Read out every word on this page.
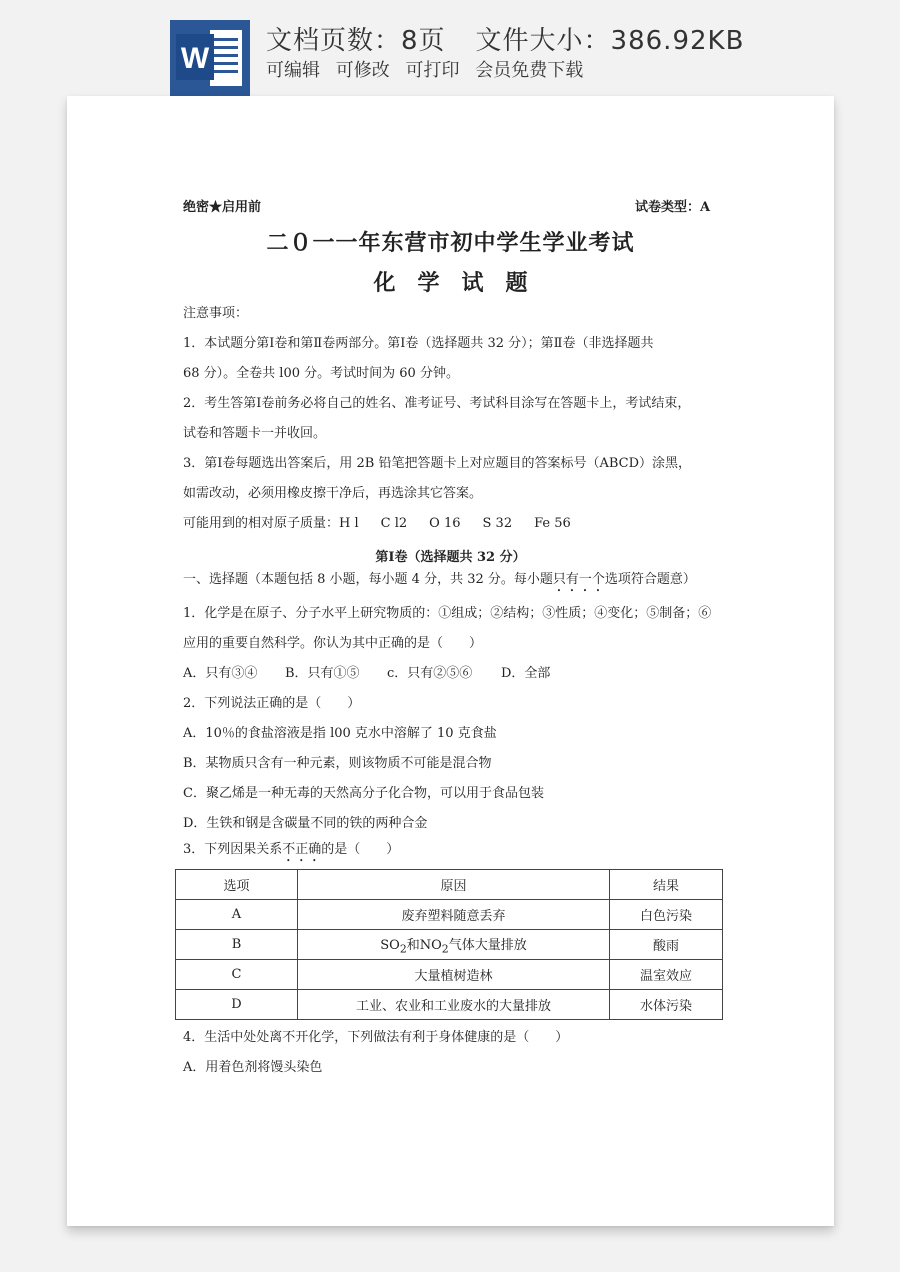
W
文档页数：8页 文件大小：386.92KB
可编辑 可修改 可打印 会员免费下载
绝密★启用前	试卷类型：A
二０一一年东营市初中学生学业考试
化学试题
注意事项：
1．本试题分第Ⅰ卷和第Ⅱ卷两部分。第Ⅰ卷（选择题共 32 分）；第Ⅱ卷（非选择题共
68 分）。全卷共 l00 分。考试时间为 60 分钟。
2．考生答第Ⅰ卷前务必将自己的姓名、准考证号、考试科目涂写在答题卡上，考试结束，
试卷和答题卡一并收回。
3．第Ⅰ卷每题选出答案后，用 2B 铅笔把答题卡上对应题目的答案标号（ABCD）涂黑，
如需改动，必须用橡皮擦干净后，再选涂其它答案。
可能用到的相对原子质量：H l C l2 O 16 S 32 Fe 56
第Ⅰ卷（选择题共 32 分）
一、选择题（本题包括 8 小题，每小题 4 分，共 32 分。每小题只有一个选项符合题意）
1．化学是在原子、分子水平上研究物质的：①组成；②结构；③性质；④变化；⑤制备；⑥
应用的重要自然科学。你认为其中正确的是（　　）
A．只有③④ B．只有①⑤ c．只有②⑤⑥ D．全部
2．下列说法正确的是（　　）
A．10％的食盐溶液是指 l00 克水中溶解了 10 克食盐
B．某物质只含有一种元素，则该物质不可能是混合物
C．聚乙烯是一种无毒的天然高分子化合物，可以用于食品包装
D．生铁和钢是含碳量不同的铁的两种合金
3．下列因果关系不正确的是（　　）
选项	原因	结果
A	废弃塑料随意丢弃	白色污染
B	$SO_2$和$NO_2$气体大量排放	酸雨
C	大量植树造林	温室效应
D	工业、农业和工业废水的大量排放	水体污染
4．生活中处处离不开化学，下列做法有利于身体健康的是（　　）
A．用着色剂将馒头染色
